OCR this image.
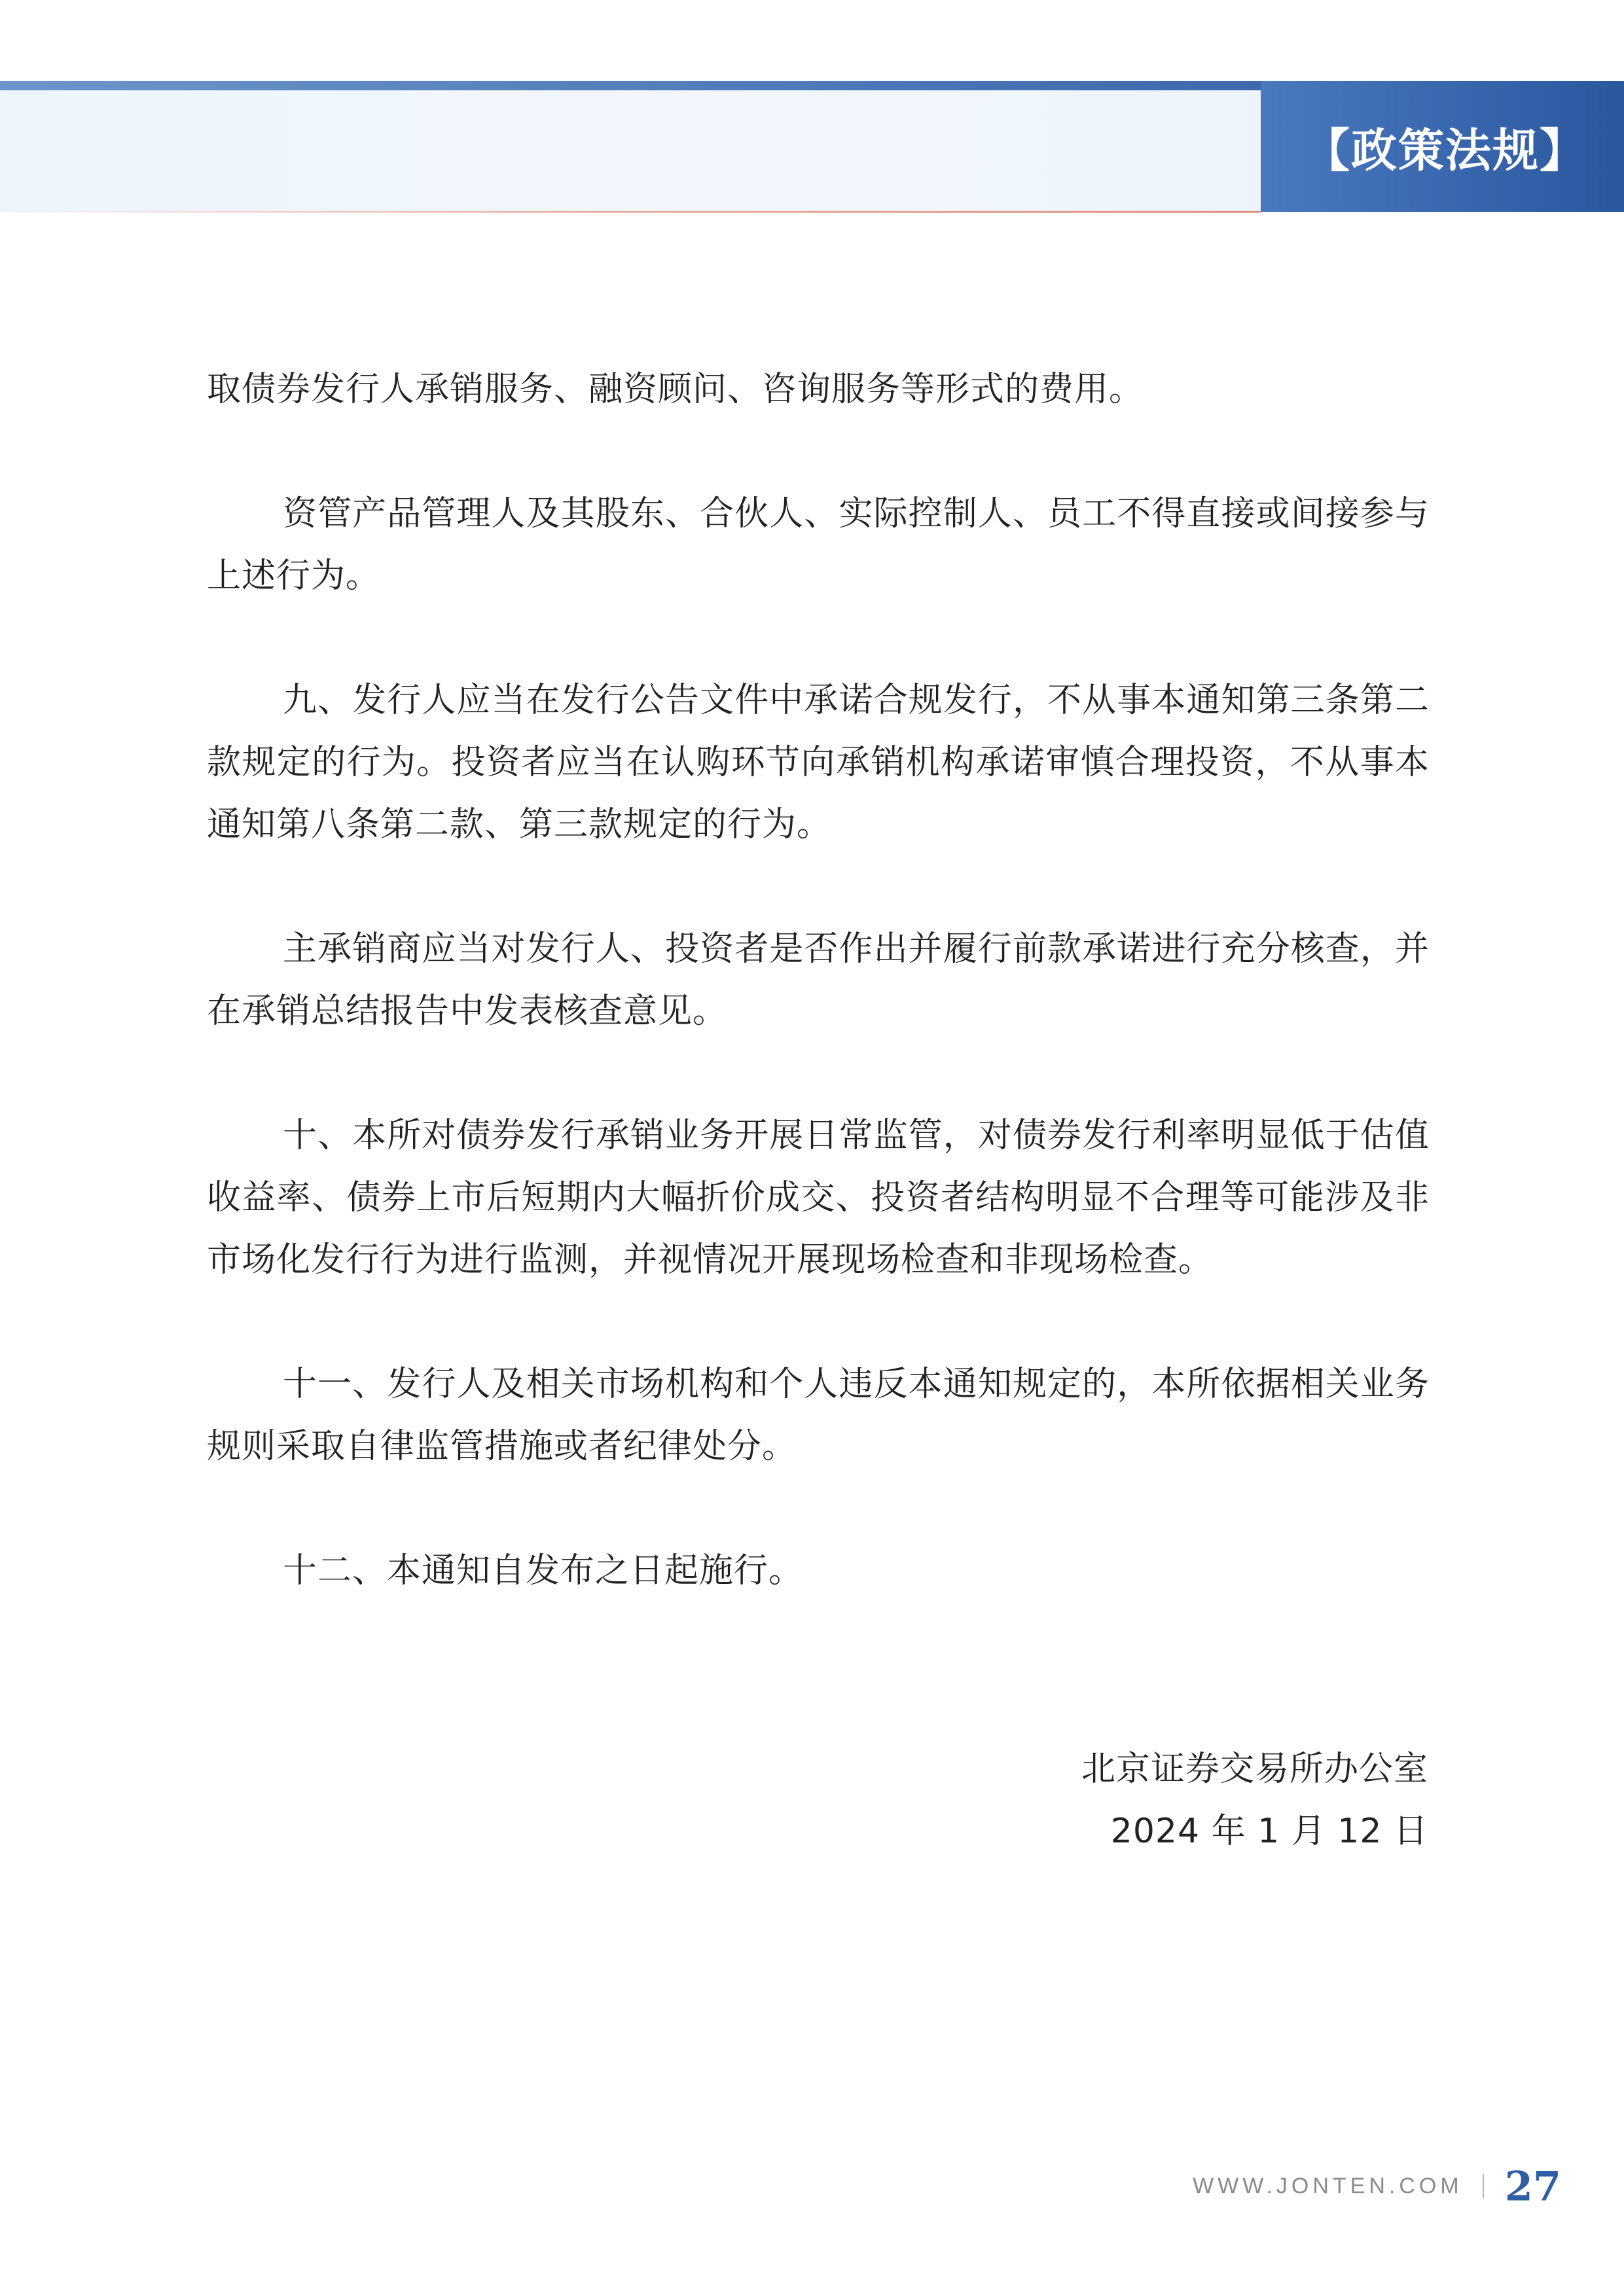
【政策法规】

取债券发行人承销服务、融资顾问、咨询服务等形式的费用。

资管产品管理人及其股东、合伙人、实际控制人、员工不得直接或间接参与上述行为。

九、发行人应当在发行公告文件中承诺合规发行，不从事本通知第三条第二款规定的行为。投资者应当在认购环节向承销机构承诺审慎合理投资，不从事本通知第八条第二款、第三款规定的行为。

主承销商应当对发行人、投资者是否作出并履行前款承诺进行充分核查，并在承销总结报告中发表核查意见。

十、本所对债券发行承销业务开展日常监管，对债券发行利率明显低于估值收益率、债券上市后短期内大幅折价成交、投资者结构明显不合理等可能涉及非市场化发行行为进行监测，并视情况开展现场检查和非现场检查。

十一、发行人及相关市场机构和个人违反本通知规定的，本所依据相关业务规则采取自律监管措施或者纪律处分。

十二、本通知自发布之日起施行。

北京证券交易所办公室
2024 年 1 月 12 日
WWW.JONTEN.COM 27
